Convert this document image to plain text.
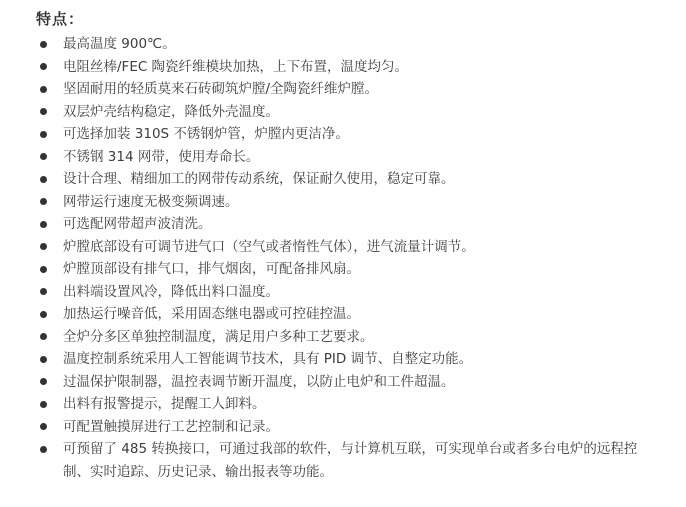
特点：
最高温度 900℃。
电阻丝棒/FEC 陶瓷纤维模块加热，上下布置，温度均匀。
坚固耐用的轻质莫来石砖砌筑炉膛/全陶瓷纤维炉膛。
双层炉壳结构稳定，降低外壳温度。
可选择加装 310S 不锈钢炉管，炉膛内更洁净。
不锈钢 314 网带，使用寿命长。
设计合理、精细加工的网带传动系统，保证耐久使用，稳定可靠。
网带运行速度无极变频调速。
可选配网带超声波清洗。
炉膛底部设有可调节进气口（空气或者惰性气体），进气流量计调节。
炉膛顶部设有排气口，排气烟囱，可配备排风扇。
出料端设置风冷，降低出料口温度。
加热运行噪音低，采用固态继电器或可控硅控温。
全炉分多区单独控制温度，满足用户多种工艺要求。
温度控制系统采用人工智能调节技术，具有 PID 调节、自整定功能。
过温保护限制器，温控表调节断开温度，以防止电炉和工件超温。
出料有报警提示，提醒工人卸料。
可配置触摸屏进行工艺控制和记录。
可预留了 485 转换接口，可通过我部的软件，与计算机互联，可实现单台或者多台电炉的远程控制、实时追踪、历史记录、输出报表等功能。
